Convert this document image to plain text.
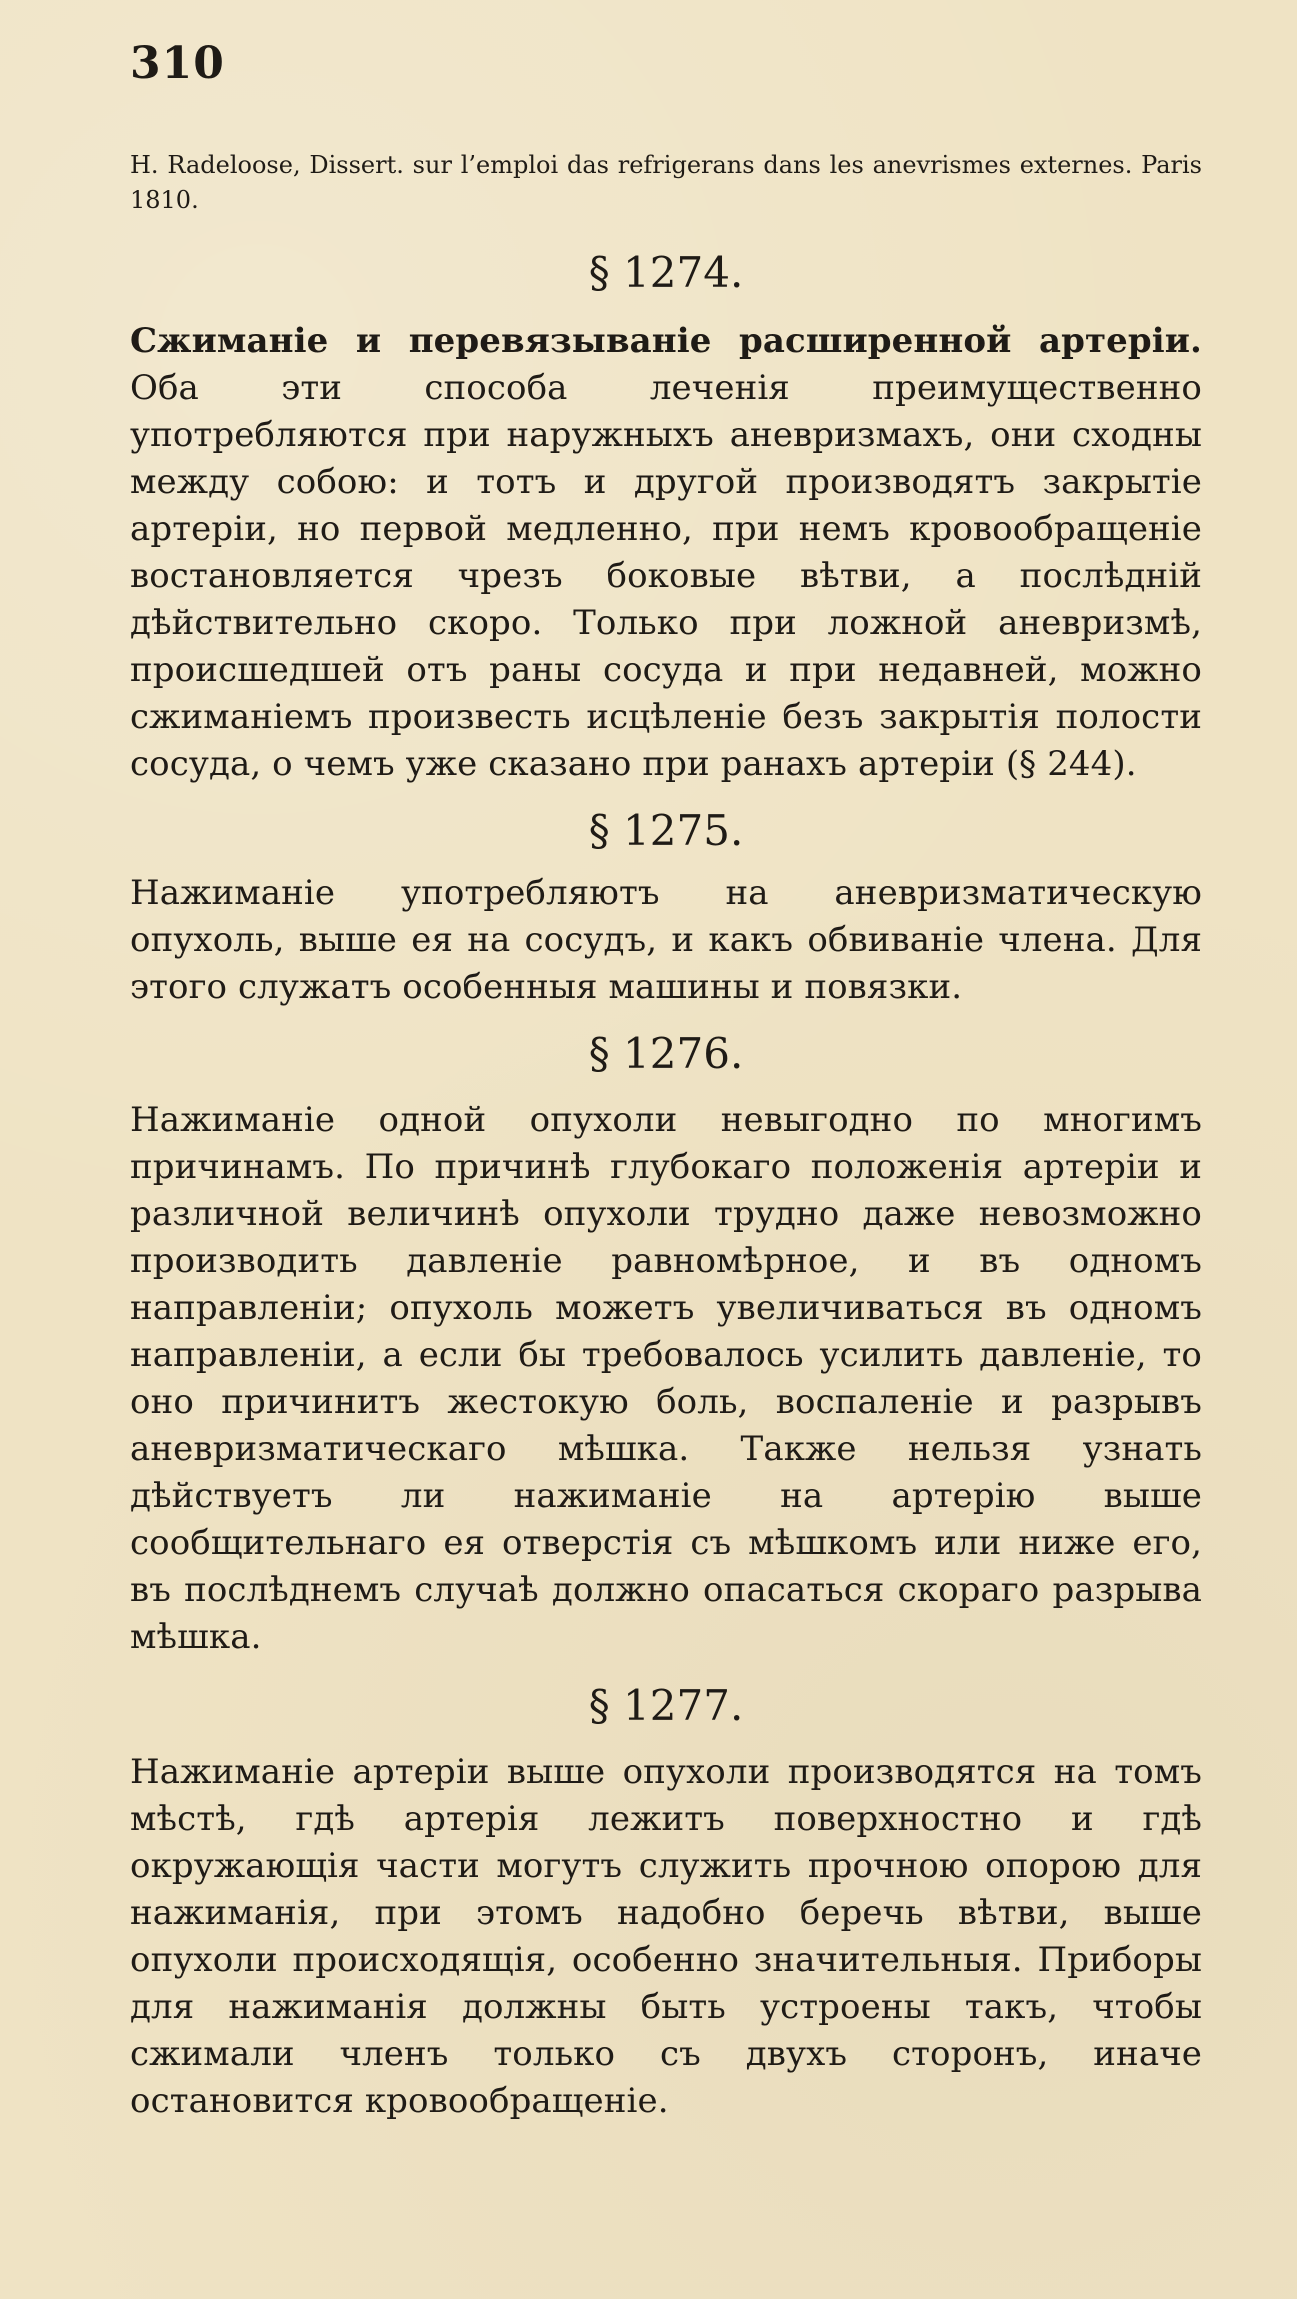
310
H. Radeloose, Dissert. sur l’emploi das refrigerans dans les anevrismes externes. Paris 1810.
§ 1274.

Сжиманіе и перевязываніе расширенной артеріи. Оба эти способа леченія преимущественно употребляются при наружныхъ аневризмахъ, они сходны между собою: и тотъ и другой производятъ закрытіе артеріи, но первой медленно, при немъ кровообращеніе востановляется чрезъ боковые вѣтви, а послѣдній дѣйствительно скоро. Только при ложной аневризмѣ, происшедшей отъ раны сосуда и при недавней, можно сжиманіемъ произвесть исцѣленіе безъ закрытія полости сосуда, о чемъ уже сказано при ранахъ артеріи (§ 244).

§ 1275.

Нажиманіе употребляютъ на аневризматическую опухоль, выше ея на сосудъ, и какъ обвиваніе члена. Для этого служатъ особенныя машины и повязки.

§ 1276.

Нажиманіе одной опухоли невыгодно по многимъ причинамъ. По причинѣ глубокаго положенія артеріи и различной величинѣ опухоли трудно даже невозможно производить давленіе равномѣрное, и въ одномъ направленіи; опухоль можетъ увеличиваться въ одномъ направленіи, а если бы требовалось усилить давленіе, то оно причинитъ жестокую боль, воспаленіе и разрывъ аневризматическаго мѣшка. Также нельзя узнать дѣйствуетъ ли нажиманіе на артерію выше сообщительнаго ея отверстія съ мѣшкомъ или ниже его, въ послѣднемъ случаѣ должно опасаться скораго разрыва мѣшка.

§ 1277.

Нажиманіе артеріи выше опухоли производятся на томъ мѣстѣ, гдѣ артерія лежитъ поверхностно и гдѣ окружающія части могутъ служить прочною опорою для нажиманія, при этомъ надобно беречь вѣтви, выше опухоли происходящія, особенно значительныя. Приборы для нажиманія должны быть устроены такъ, чтобы сжимали членъ только съ двухъ сторонъ, иначе остановится кровообращеніе.
